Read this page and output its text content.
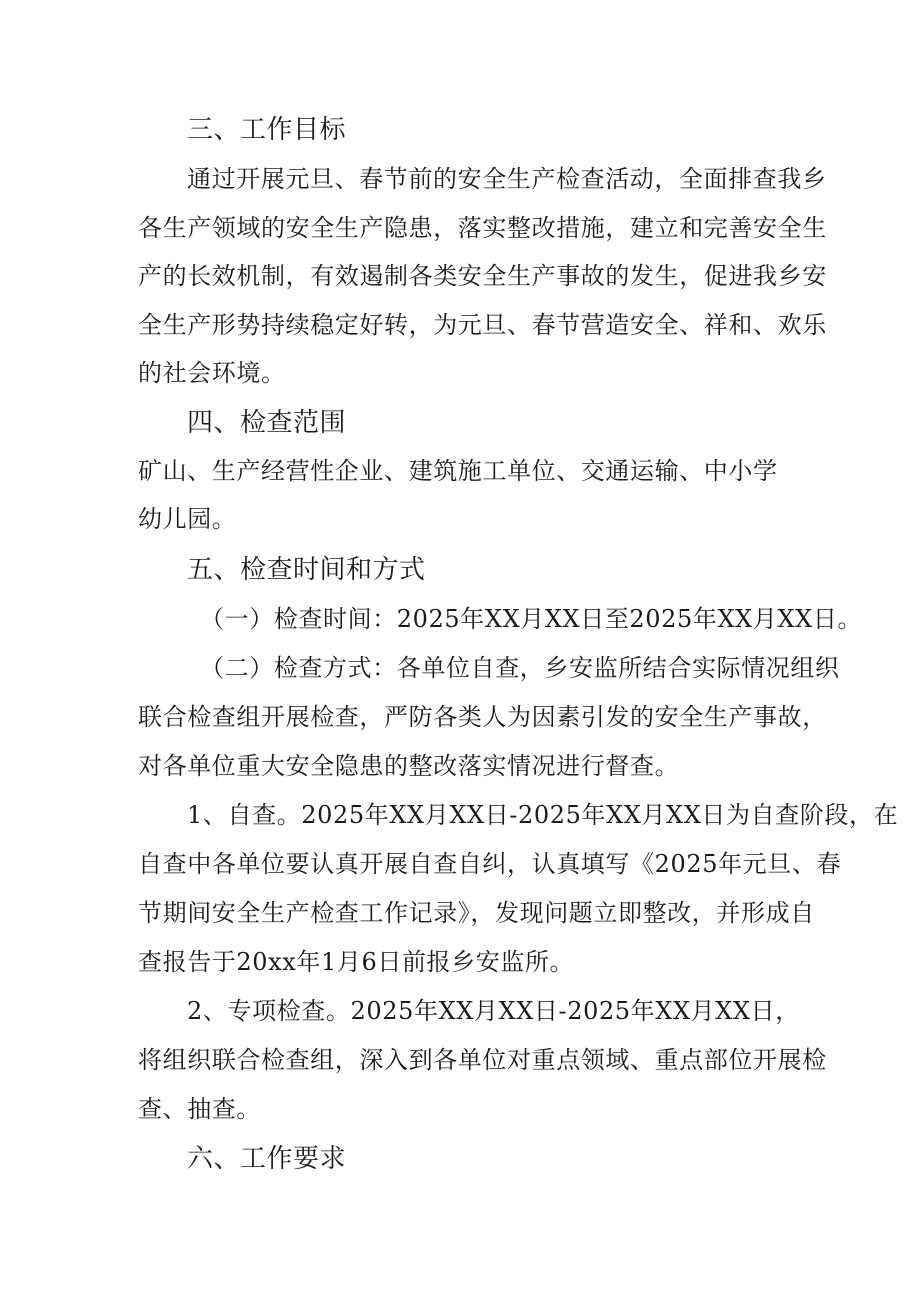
三、工作目标
通过开展元旦、春节前的安全生产检查活动，全面排查我乡
各生产领域的安全生产隐患，落实整改措施，建立和完善安全生
产的长效机制，有效遏制各类安全生产事故的发生，促进我乡安
全生产形势持续稳定好转，为元旦、春节营造安全、祥和、欢乐
的社会环境。
四、检查范围
矿山、生产经营性企业、建筑施工单位、交通运输、中小学
幼儿园。
五、检查时间和方式
（一）检查时间：2025年XX月XX日至2025年XX月XX日。
（二）检查方式：各单位自查，乡安监所结合实际情况组织
联合检查组开展检查，严防各类人为因素引发的安全生产事故，
对各单位重大安全隐患的整改落实情况进行督查。
1、自查。2025年XX月XX日-2025年XX月XX日为自查阶段，在
自查中各单位要认真开展自查自纠，认真填写《2025年元旦、春
节期间安全生产检查工作记录》，发现问题立即整改，并形成自
查报告于20xx年1月6日前报乡安监所。
2、专项检查。2025年XX月XX日-2025年XX月XX日，
将组织联合检查组，深入到各单位对重点领域、重点部位开展检
查、抽查。
六、工作要求
